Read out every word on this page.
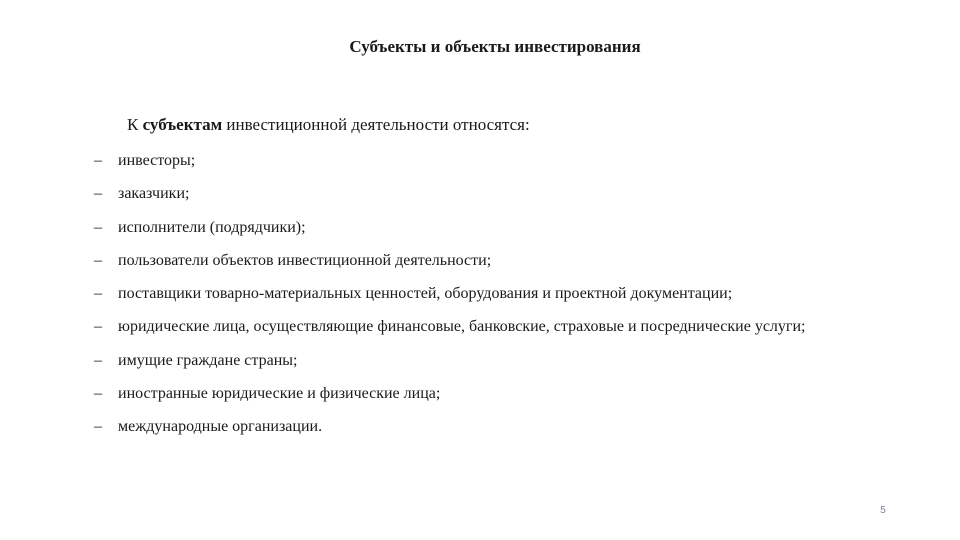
Субъекты и объекты инвестирования
К субъектам инвестиционной деятельности относятся:
– инвесторы;
– заказчики;
– исполнители (подрядчики);
– пользователи объектов инвестиционной деятельности;
– поставщики товарно-материальных ценностей, оборудования и проектной документации;
– юридические лица, осуществляющие финансовые, банковские, страховые и посреднические услуги;
– имущие граждане страны;
– иностранные юридические и физические лица;
– международные организации.
5
